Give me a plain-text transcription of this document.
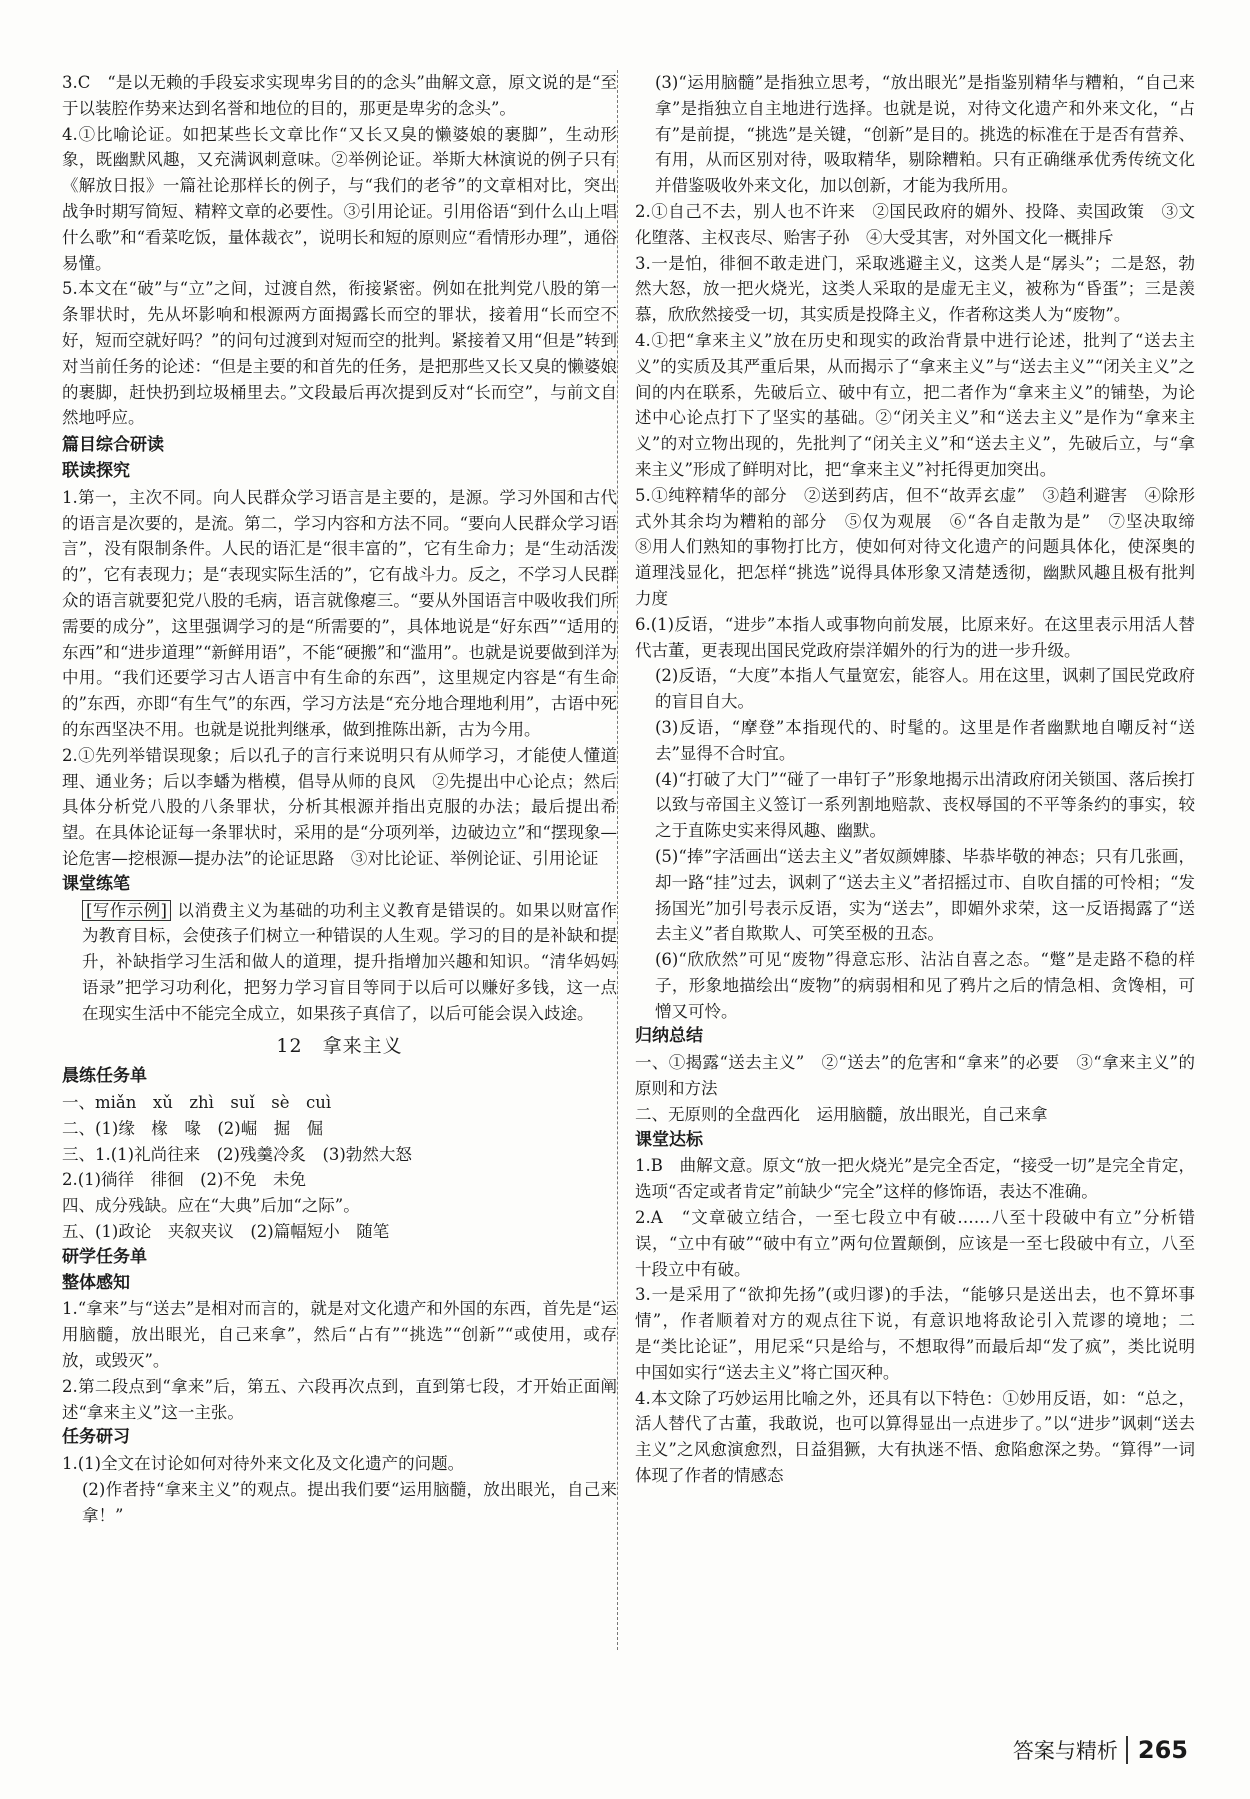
3.C　“是以无赖的手段妄求实现卑劣目的的念头”曲解文意，原文说的是“至于以装腔作势来达到名誉和地位的目的，那更是卑劣的念头”。

4.①比喻论证。如把某些长文章比作“又长又臭的懒婆娘的裹脚”，生动形象，既幽默风趣，又充满讽刺意味。②举例论证。举斯大林演说的例子只有《解放日报》一篇社论那样长的例子，与“我们的老爷”的文章相对比，突出战争时期写简短、精粹文章的必要性。③引用论证。引用俗语“到什么山上唱什么歌”和“看菜吃饭，量体裁衣”，说明长和短的原则应“看情形办理”，通俗易懂。

5.本文在“破”与“立”之间，过渡自然，衔接紧密。例如在批判党八股的第一条罪状时，先从坏影响和根源两方面揭露长而空的罪状，接着用“长而空不好，短而空就好吗？”的问句过渡到对短而空的批判。紧接着又用“但是”转到对当前任务的论述：“但是主要的和首先的任务，是把那些又长又臭的懒婆娘的裹脚，赶快扔到垃圾桶里去。”文段最后再次提到反对“长而空”，与前文自然地呼应。

篇目综合研读

联读探究

1.第一，主次不同。向人民群众学习语言是主要的，是源。学习外国和古代的语言是次要的，是流。第二，学习内容和方法不同。“要向人民群众学习语言”，没有限制条件。人民的语汇是“很丰富的”，它有生命力；是“生动活泼的”，它有表现力；是“表现实际生活的”，它有战斗力。反之，不学习人民群众的语言就要犯党八股的毛病，语言就像瘪三。“要从外国语言中吸收我们所需要的成分”，这里强调学习的是“所需要的”，具体地说是“好东西”“适用的东西”和“进步道理”“新鲜用语”，不能“硬搬”和“滥用”。也就是说要做到洋为中用。“我们还要学习古人语言中有生命的东西”，这里规定内容是“有生命的”东西，亦即“有生气”的东西，学习方法是“充分地合理地利用”，古语中死的东西坚决不用。也就是说批判继承，做到推陈出新，古为今用。

2.①先列举错误现象；后以孔子的言行来说明只有从师学习，才能使人懂道理、通业务；后以李蟠为楷模，倡导从师的良风　②先提出中心论点；然后具体分析党八股的八条罪状，分析其根源并指出克服的办法；最后提出希望。在具体论证每一条罪状时，采用的是“分项列举，边破边立”和“摆现象—论危害—挖根源—提办法”的论证思路　③对比论证、举例论证、引用论证

课堂练笔

[写作示例] 以消费主义为基础的功利主义教育是错误的。如果以财富作为教育目标，会使孩子们树立一种错误的人生观。学习的目的是补缺和提升，补缺指学习生活和做人的道理，提升指增加兴趣和知识。“清华妈妈语录”把学习功利化，把努力学习盲目等同于以后可以赚好多钱，这一点在现实生活中不能完全成立，如果孩子真信了，以后可能会误入歧途。

12　拿来主义

晨练任务单

一、miǎn　xǔ　zhì　suǐ　sè　cuì

二、(1)缘　椽　喙　(2)崛　掘　倔

三、1.(1)礼尚往来　(2)残羹冷炙　(3)勃然大怒

2.(1)徜徉　徘徊　(2)不免　未免

四、成分残缺。应在“大典”后加“之际”。

五、(1)政论　夹叙夹议　(2)篇幅短小　随笔

研学任务单

整体感知

1.“拿来”与“送去”是相对而言的，就是对文化遗产和外国的东西，首先是“运用脑髓，放出眼光，自己来拿”，然后“占有”“挑选”“创新”“或使用，或存放，或毁灭”。

2.第二段点到“拿来”后，第五、六段再次点到，直到第七段，才开始正面阐述“拿来主义”这一主张。

任务研习

1.(1)全文在讨论如何对待外来文化及文化遗产的问题。

(2)作者持“拿来主义”的观点。提出我们要“运用脑髓，放出眼光，自己来拿！”

(3)“运用脑髓”是指独立思考，“放出眼光”是指鉴别精华与糟粕，“自己来拿”是指独立自主地进行选择。也就是说，对待文化遗产和外来文化，“占有”是前提，“挑选”是关键，“创新”是目的。挑选的标准在于是否有营养、有用，从而区别对待，吸取精华，剔除糟粕。只有正确继承优秀传统文化并借鉴吸收外来文化，加以创新，才能为我所用。

2.①自己不去，别人也不许来　②国民政府的媚外、投降、卖国政策　③文化堕落、主权丧尽、贻害子孙　④大受其害，对外国文化一概排斥

3.一是怕，徘徊不敢走进门，采取逃避主义，这类人是“孱头”；二是怒，勃然大怒，放一把火烧光，这类人采取的是虚无主义，被称为“昏蛋”；三是羡慕，欣欣然接受一切，其实质是投降主义，作者称这类人为“废物”。

4.①把“拿来主义”放在历史和现实的政治背景中进行论述，批判了“送去主义”的实质及其严重后果，从而揭示了“拿来主义”与“送去主义”“闭关主义”之间的内在联系，先破后立、破中有立，把二者作为“拿来主义”的铺垫，为论述中心论点打下了坚实的基础。②“闭关主义”和“送去主义”是作为“拿来主义”的对立物出现的，先批判了“闭关主义”和“送去主义”，先破后立，与“拿来主义”形成了鲜明对比，把“拿来主义”衬托得更加突出。

5.①纯粹精华的部分　②送到药店，但不“故弄玄虚”　③趋利避害　④除形式外其余均为糟粕的部分　⑤仅为观展　⑥“各自走散为是”　⑦坚决取缔　⑧用人们熟知的事物打比方，使如何对待文化遗产的问题具体化，使深奥的道理浅显化，把怎样“挑选”说得具体形象又清楚透彻，幽默风趣且极有批判力度

6.(1)反语，“进步”本指人或事物向前发展，比原来好。在这里表示用活人替代古董，更表现出国民党政府崇洋媚外的行为的进一步升级。

(2)反语，“大度”本指人气量宽宏，能容人。用在这里，讽刺了国民党政府的盲目自大。

(3)反语，“摩登”本指现代的、时髦的。这里是作者幽默地自嘲反衬“送去”显得不合时宜。

(4)“打破了大门”“碰了一串钉子”形象地揭示出清政府闭关锁国、落后挨打以致与帝国主义签订一系列割地赔款、丧权辱国的不平等条约的事实，较之于直陈史实来得风趣、幽默。

(5)“捧”字活画出“送去主义”者奴颜婢膝、毕恭毕敬的神态；只有几张画，却一路“挂”过去，讽刺了“送去主义”者招摇过市、自吹自擂的可怜相；“发扬国光”加引号表示反语，实为“送去”，即媚外求荣，这一反语揭露了“送去主义”者自欺欺人、可笑至极的丑态。

(6)“欣欣然”可见“废物”得意忘形、沾沾自喜之态。“蹩”是走路不稳的样子，形象地描绘出“废物”的病弱相和见了鸦片之后的情急相、贪馋相，可憎又可怜。

归纳总结

一、①揭露“送去主义”　②“送去”的危害和“拿来”的必要　③“拿来主义”的原则和方法

二、无原则的全盘西化　运用脑髓，放出眼光，自己来拿

课堂达标

1.B　曲解文意。原文“放一把火烧光”是完全否定，“接受一切”是完全肯定，选项“否定或者肯定”前缺少“完全”这样的修饰语，表达不准确。

2.A　“文章破立结合，一至七段立中有破……八至十段破中有立”分析错误，“立中有破”“破中有立”两句位置颠倒，应该是一至七段破中有立，八至十段立中有破。

3.一是采用了“欲抑先扬”(或归谬)的手法，“能够只是送出去，也不算坏事情”，作者顺着对方的观点往下说，有意识地将敌论引入荒谬的境地；二是“类比论证”，用尼采“只是给与，不想取得”而最后却“发了疯”，类比说明中国如实行“送去主义”将亡国灭种。

4.本文除了巧妙运用比喻之外，还具有以下特色：①妙用反语，如：“总之，活人替代了古董，我敢说，也可以算得显出一点进步了。”以“进步”讽刺“送去主义”之风愈演愈烈，日益猖獗，大有执迷不悟、愈陷愈深之势。“算得”一词体现了作者的情感态

答案与精析 265
